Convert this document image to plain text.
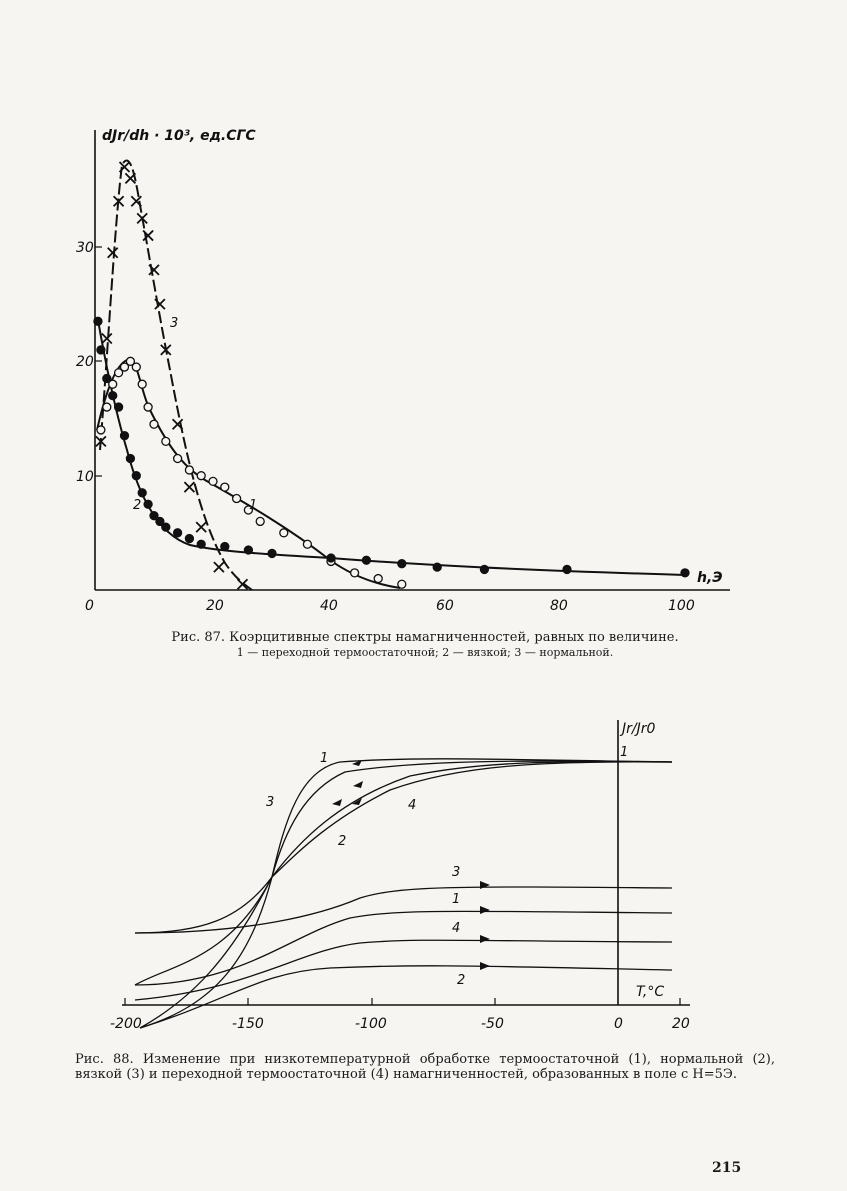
10
20
30
0	20	40	60	80	100
dJr/dh · 10³, ед.СГС
h,Э
1
2
3
Рис. 87. Коэрцитивные спектры намагниченностей, равных по величине.
1 — переходной термоостаточной; 2 — вязкой; 3 — нормальной.
-200	-150	-100	-50	0	20
Jr/Jr0
1
T,°C
1
3	4
2
3
1
4
2
Рис. 88. Изменение при низкотемпературной обработке термоостаточной (1), нормальной (2), вязкой (3) и переходной термоостаточной (4) намагниченностей, образованных в поле с H=5Э.
215
